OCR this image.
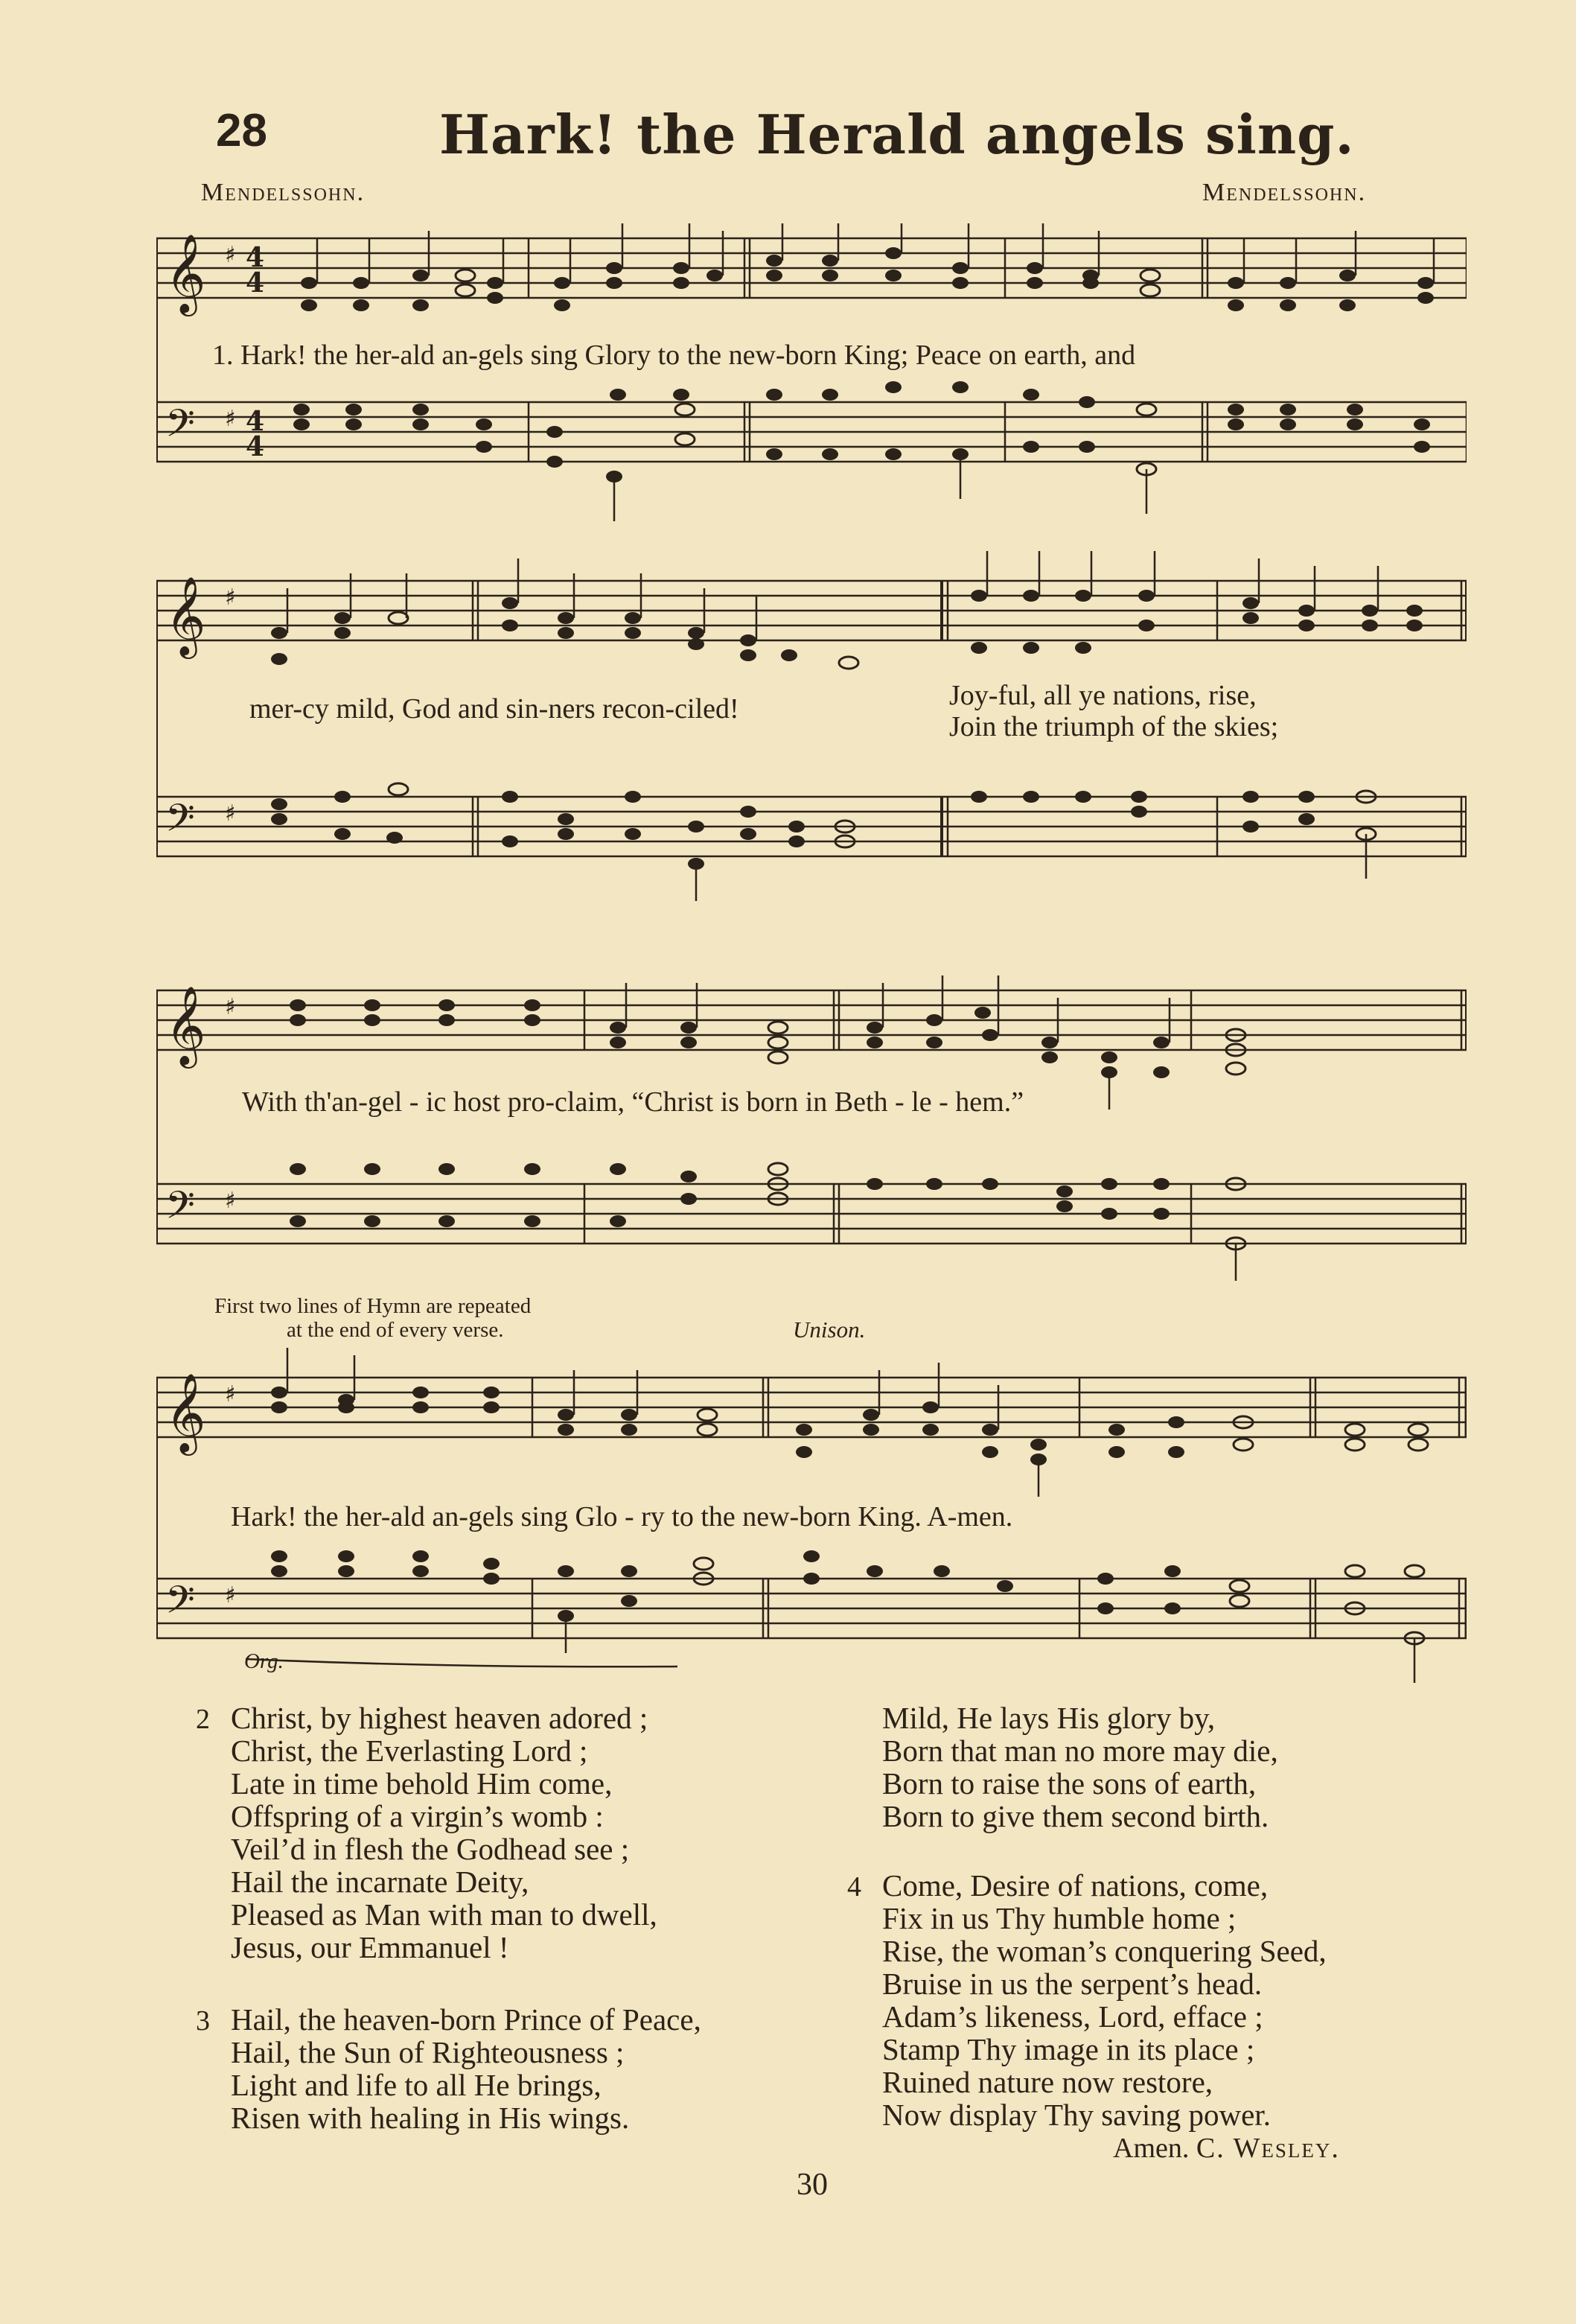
28	Hark! the Herald angels sing.
Mendelssohn.	Mendelssohn.
𝄞
𝄢
♯
♯
4
4
4
4
1. Hark! the her-ald an-gels sing Glory to the new-born King; Peace on earth, and
𝄞
𝄢
♯
♯
mer-cy mild, God and sin-ners recon-ciled!	Joy-ful, all ye nations, rise,
Join the triumph of the skies;
𝄞
𝄢
♯
♯
With th'an-gel - ic host pro-claim, “Christ is born in Beth - le - hem.”
First two lines of Hymn are repeated
at the end of every verse.	Unison.
𝄞
𝄢
♯
♯
Hark! the her-ald an-gels sing Glo - ry to the new-born King. A-men.
Org.
2 Christ, by highest heaven adored ;
Christ, the Everlasting Lord ;
Late in time behold Him come,
Offspring of a virgin’s womb :
Veil’d in flesh the Godhead see ;
Hail the incarnate Deity,
Pleased as Man with man to dwell,
Jesus, our Emmanuel !
3 Hail, the heaven-born Prince of Peace,
Hail, the Sun of Righteousness ;
Light and life to all He brings,
Risen with healing in His wings.
Mild, He lays His glory by,
Born that man no more may die,
Born to raise the sons of earth,
Born to give them second birth.
4 Come, Desire of nations, come,
Fix in us Thy humble home ;
Rise, the woman’s conquering Seed,
Bruise in us the serpent’s head.
Adam’s likeness, Lord, efface ;
Stamp Thy image in its place ;
Ruined nature now restore,
Now display Thy saving power.
Amen. C. Wesley.
30
